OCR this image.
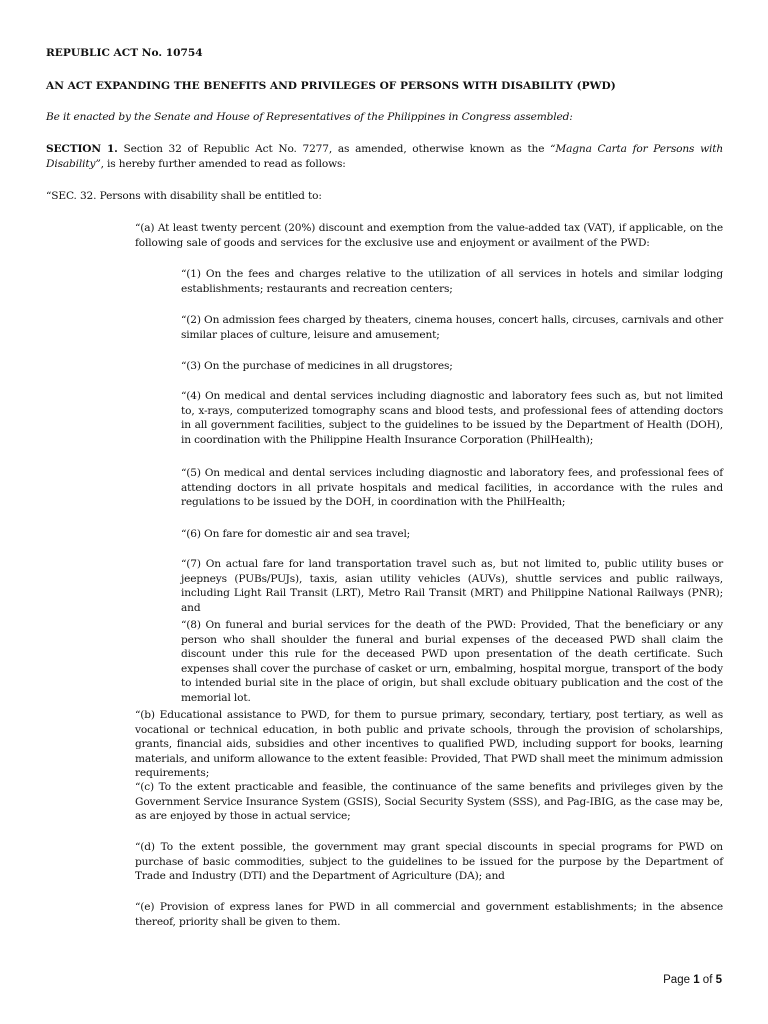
REPUBLIC ACT No. 10754

AN ACT EXPANDING THE BENEFITS AND PRIVILEGES OF PERSONS WITH DISABILITY (PWD)

Be it enacted by the Senate and House of Representatives of the Philippines in Congress assembled:

SECTION 1. Section 32 of Republic Act No. 7277, as amended, otherwise known as the “Magna Carta for Persons with Disability”, is hereby further amended to read as follows:

“SEC. 32. Persons with disability shall be entitled to:

“(a) At least twenty percent (20%) discount and exemption from the value-added tax (VAT), if applicable, on the following sale of goods and services for the exclusive use and enjoyment or availment of the PWD:

“(1) On the fees and charges relative to the utilization of all services in hotels and similar lodging establishments; restaurants and recreation centers;

“(2) On admission fees charged by theaters, cinema houses, concert halls, circuses, carnivals and other similar places of culture, leisure and amusement;

“(3) On the purchase of medicines in all drugstores;

“(4) On medical and dental services including diagnostic and laboratory fees such as, but not limited to, x-rays, computerized tomography scans and blood tests, and professional fees of attending doctors in all government facilities, subject to the guidelines to be issued by the Department of Health (DOH), in coordination with the Philippine Health Insurance Corporation (PhilHealth);

“(5) On medical and dental services including diagnostic and laboratory fees, and professional fees of attending doctors in all private hospitals and medical facilities, in accordance with the rules and regulations to be issued by the DOH, in coordination with the PhilHealth;

“(6) On fare for domestic air and sea travel;

“(7) On actual fare for land transportation travel such as, but not limited to, public utility buses or jeepneys (PUBs/PUJs), taxis, asian utility vehicles (AUVs), shuttle services and public railways, including Light Rail Transit (LRT), Metro Rail Transit (MRT) and Philippine National Railways (PNR); and

“(8) On funeral and burial services for the death of the PWD: Provided, That the beneficiary or any person who shall shoulder the funeral and burial expenses of the deceased PWD shall claim the discount under this rule for the deceased PWD upon presentation of the death certificate. Such expenses shall cover the purchase of casket or urn, embalming, hospital morgue, transport of the body to intended burial site in the place of origin, but shall exclude obituary publication and the cost of the memorial lot.

“(b) Educational assistance to PWD, for them to pursue primary, secondary, tertiary, post tertiary, as well as vocational or technical education, in both public and private schools, through the provision of scholarships, grants, financial aids, subsidies and other incentives to qualified PWD, including support for books, learning materials, and uniform allowance to the extent feasible: Provided, That PWD shall meet the minimum admission requirements;

“(c) To the extent practicable and feasible, the continuance of the same benefits and privileges given by the Government Service Insurance System (GSIS), Social Security System (SSS), and Pag-IBIG, as the case may be, as are enjoyed by those in actual service;

“(d) To the extent possible, the government may grant special discounts in special programs for PWD on purchase of basic commodities, subject to the guidelines to be issued for the purpose by the Department of Trade and Industry (DTI) and the Department of Agriculture (DA); and

“(e) Provision of express lanes for PWD in all commercial and government establishments; in the absence thereof, priority shall be given to them.

Page 1 of 5
